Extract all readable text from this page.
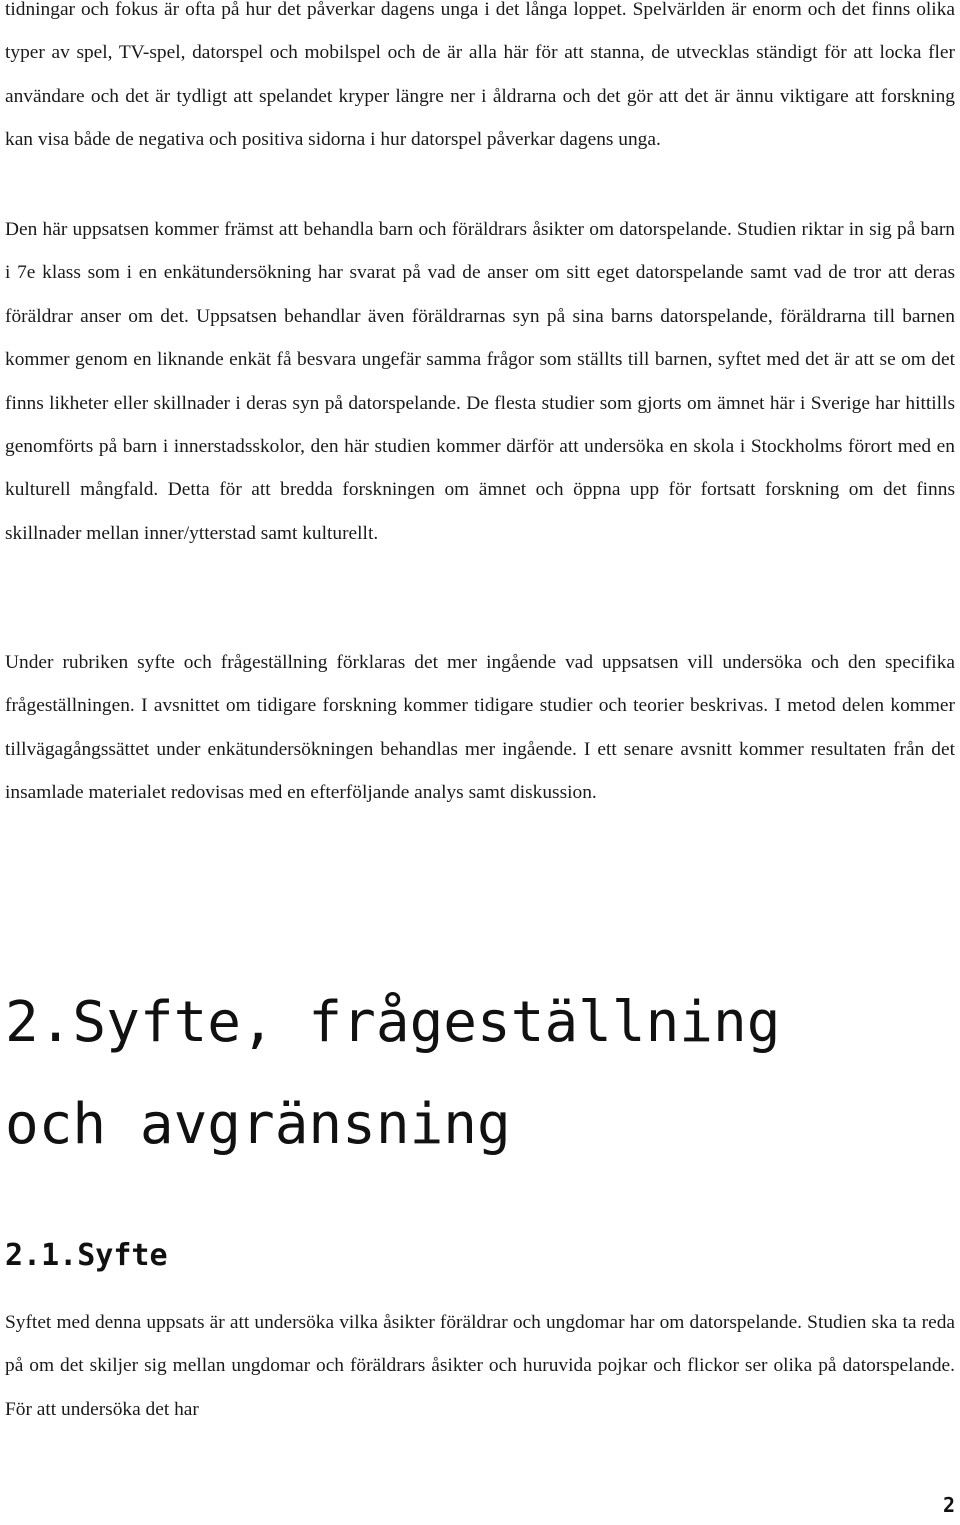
tidningar och fokus är ofta på hur det påverkar dagens unga i det långa loppet. Spelvärlden är enorm och det finns olika typer av spel, TV-spel, datorspel och mobilspel och de är alla här för att stanna, de utvecklas ständigt för att locka fler användare och det är tydligt att spelandet kryper längre ner i åldrarna och det gör att det är ännu viktigare att forskning kan visa både de negativa och positiva sidorna i hur datorspel påverkar dagens unga.

Den här uppsatsen kommer främst att behandla barn och föräldrars åsikter om datorspelande. Studien riktar in sig på barn i 7e klass som i en enkätundersökning har svarat på vad de anser om sitt eget datorspelande samt vad de tror att deras föräldrar anser om det. Uppsatsen behandlar även föräldrarnas syn på sina barns datorspelande, föräldrarna till barnen kommer genom en liknande enkät få besvara ungefär samma frågor som ställts till barnen, syftet med det är att se om det finns likheter eller skillnader i deras syn på datorspelande. De flesta studier som gjorts om ämnet här i Sverige har hittills genomförts på barn i innerstadsskolor, den här studien kommer därför att undersöka en skola i Stockholms förort med en kulturell mångfald. Detta för att bredda forskningen om ämnet och öppna upp för fortsatt forskning om det finns skillnader mellan inner/ytterstad samt kulturellt.

Under rubriken syfte och frågeställning förklaras det mer ingående vad uppsatsen vill undersöka och den specifika frågeställningen. I avsnittet om tidigare forskning kommer tidigare studier och teorier beskrivas. I metod delen kommer tillvägagångssättet under enkätundersökningen behandlas mer ingående. I ett senare avsnitt kommer resultaten från det insamlade materialet redovisas med en efterföljande analys samt diskussion.

2.Syfte, frågeställning och avgränsning
2.1.Syfte

Syftet med denna uppsats är att undersöka vilka åsikter föräldrar och ungdomar har om datorspelande. Studien ska ta reda på om det skiljer sig mellan ungdomar och föräldrars åsikter och huruvida pojkar och flickor ser olika på datorspelande. För att undersöka det har

2
